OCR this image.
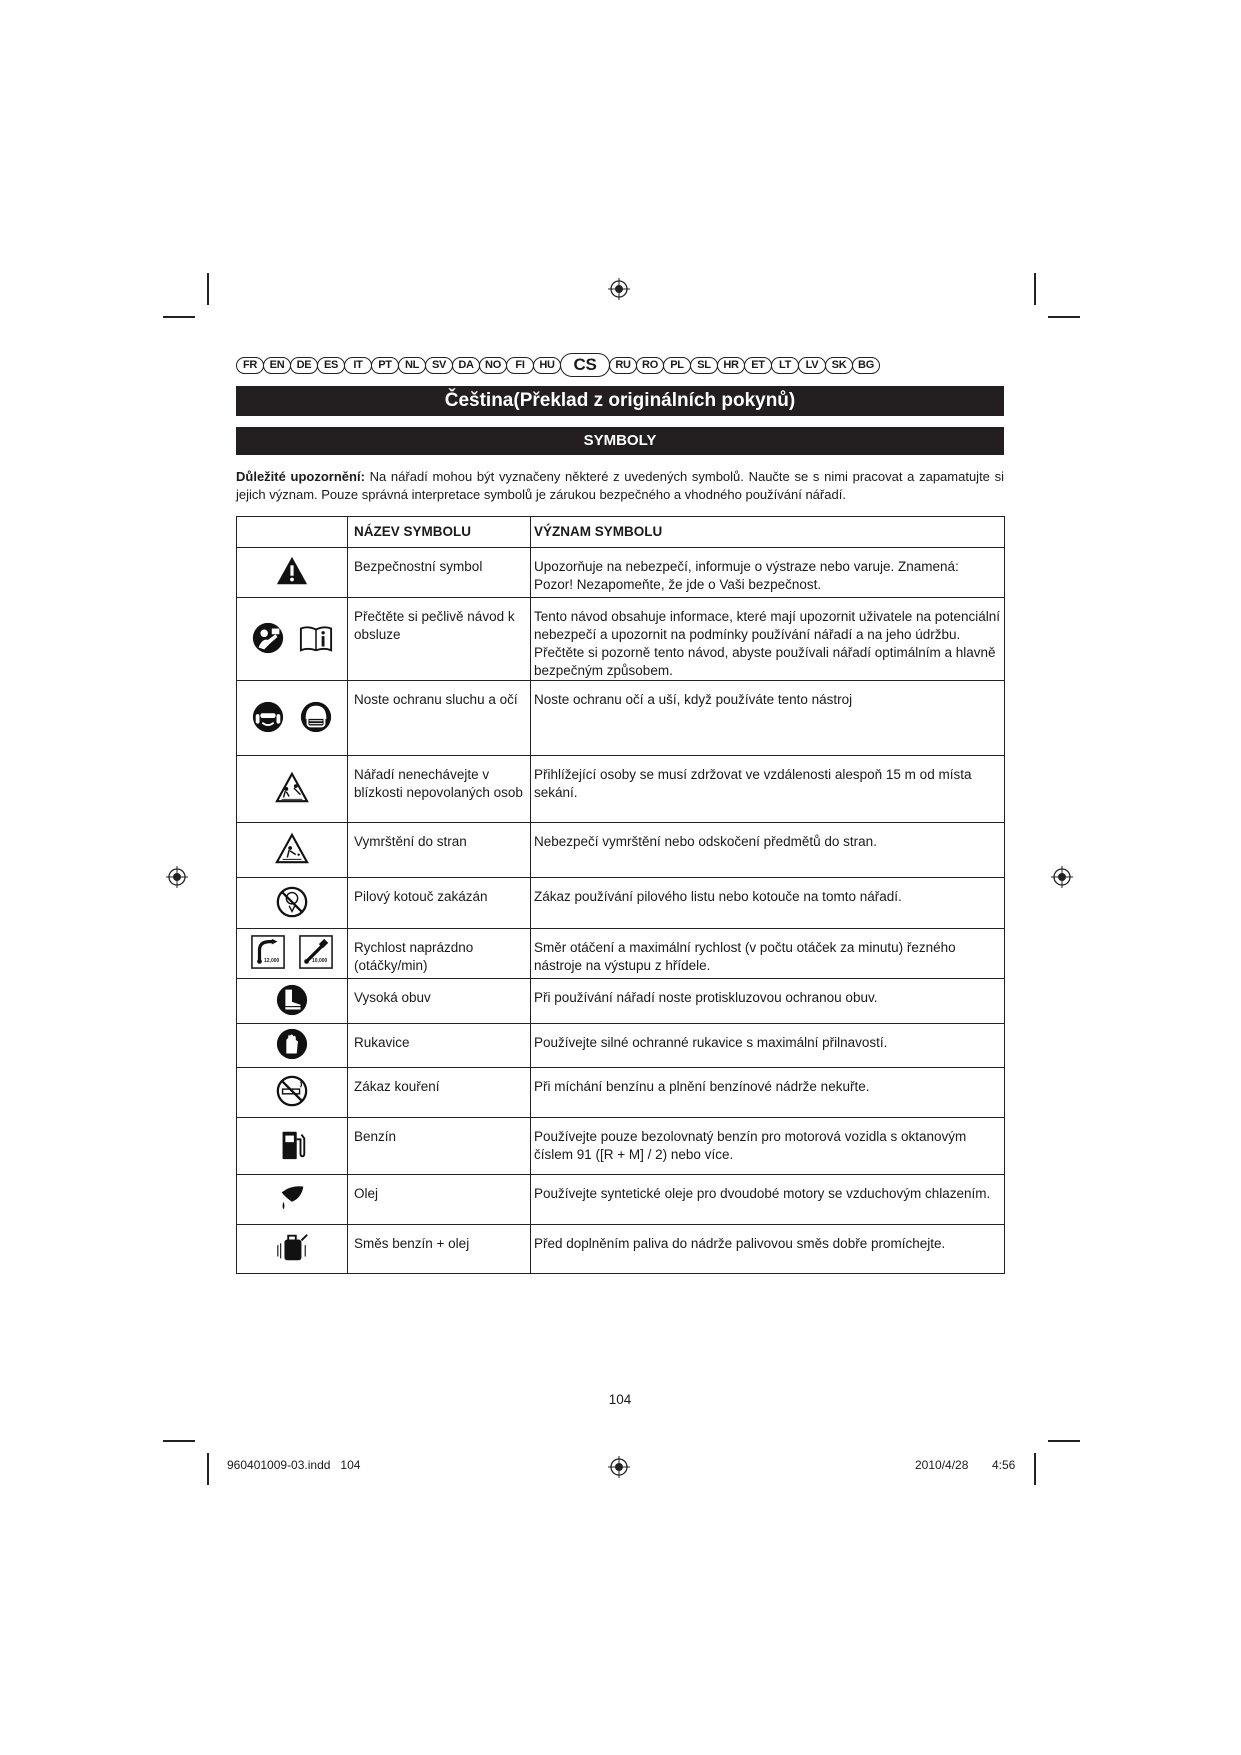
FR	EN	DE	ES	IT	PT	NL	SV	DA	NO	FI	HU	CS	RU	RO	PL	SL	HR	ET	LT	LV	SK	BG
Čeština(Překlad z originálních pokynů)
SYMBOLY
Důležité upozornění: Na nářadí mohou být vyznačeny některé z uvedených symbolů. Naučte se s nimi pracovat a zapamatujte si jejich význam. Pouze správná interpretace symbolů je zárukou bezpečného a vhodného používání nářadí.
	NÁZEV SYMBOLU	VÝZNAM SYMBOLU

	Bezpečnostní symbol	Upozorňuje na nebezpečí, informuje o výstraze nebo varuje. Znamená: Pozor! Nezapomeňte, že jde o Vaši bezpečnost.

	Přečtěte si pečlivě návod k obsluze	Tento návod obsahuje informace, které mají upozornit uživatele na potenciální nebezpečí a upozornit na podmínky používání nářadí a na jeho údržbu. Přečtěte si pozorně tento návod, abyste používali nářadí optimálním a hlavně bezpečným způsobem.

	Noste ochranu sluchu a očí	Noste ochranu očí a uší, když používáte tento nástroj

	Nářadí nenechávejte v blízkosti nepovolaných osob	Přihlížející osoby se musí zdržovat ve vzdálenosti alespoň 15 m od místa sekání.

	Vymrštění do stran	Nebezpečí vymrštění nebo odskočení předmětů do stran.

	Pilový kotouč zakázán	Zákaz používání pilového listu nebo kotouče na tomto nářadí.

12,000 10,000	Rychlost naprázdno (otáčky/min)	Směr otáčení a maximální rychlost (v počtu otáček za minutu) řezného nástroje na výstupu z hřídele.

	Vysoká obuv	Při používání nářadí noste protiskluzovou ochranou obuv.

	Rukavice	Používejte silné ochranné rukavice s maximální přilnavostí.

	Zákaz kouření	Při míchání benzínu a plnění benzínové nádrže nekuřte.

	Benzín	Používejte pouze bezolovnatý benzín pro motorová vozidla s oktanovým číslem 91 ([R + M] / 2) nebo více.

	Olej	Používejte syntetické oleje pro dvoudobé motory se vzduchovým chlazením.

	Směs benzín + olej	Před doplněním paliva do nádrže palivovou směs dobře promíchejte.
104
960401009-03.indd   104	2010/4/28 4:56
